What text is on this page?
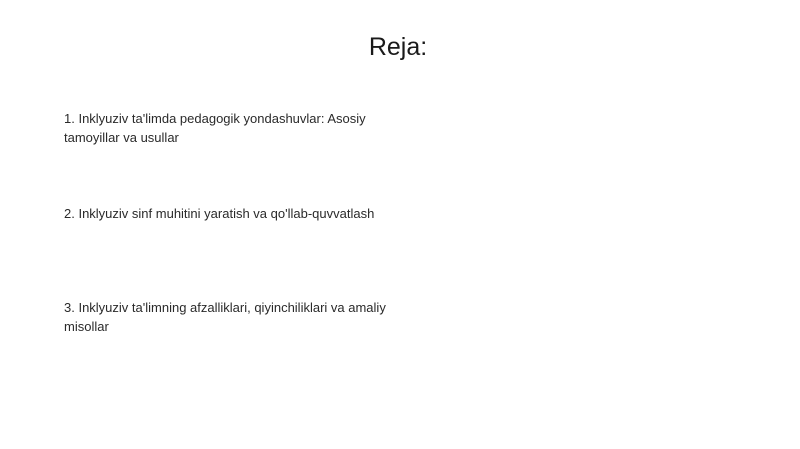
Reja:

1. Inklyuziv ta'limda pedagogik yondashuvlar: Asosiy tamoyillar va usullar

2. Inklyuziv sinf muhitini yaratish va qo'llab-quvvatlash

3. Inklyuziv ta'limning afzalliklari, qiyinchiliklari va amaliy misollar
